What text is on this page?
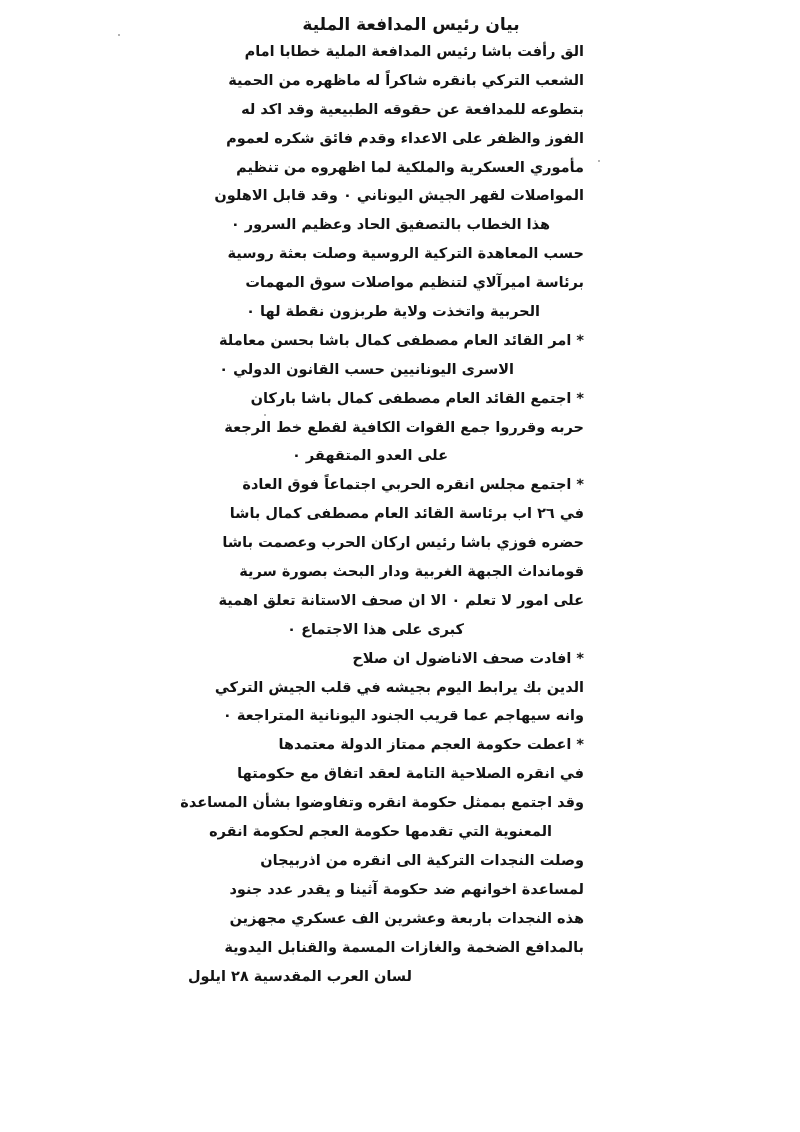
بيان رئيس المدافعة الملية
الق رأفت باشا رئيس المدافعة الملية خطابا امام
الشعب التركي بانقره شاكراً له ماظهره من الحمية
بتطوعه للمدافعة عن حقوقه الطبيعية وقد اكد له
الفوز والظفر على الاعداء وقدم فائق شكره لعموم
مأموري العسكرية والملكية لما اظهروه من تنظيم
المواصلات لقهر الجيش اليوناني ٠ وقد قابل الاهلون
هذا الخطاب بالتصفيق الحاد وعظيم السرور ٠
حسب المعاهدة التركية الروسية وصلت بعثة روسية
برئاسة اميرآلاي لتنظيم مواصلات سوق المهمات
الحربية واتخذت ولاية طربزون نقطة لها ٠
* امر القائد العام مصطفى كمال باشا بحسن معاملة
الاسرى اليونانيين حسب القانون الدولي ٠
* اجتمع القائد العام مصطفى كمال باشا باركان
حربه وقرروا جمع القوات الكافية لقطع خط الرجعة
على العدو المتقهقر ٠
* اجتمع مجلس انقره الحربي اجتماعاً فوق العادة
في ٢٦ اب برئاسة القائد العام مصطفى كمال باشا
حضره فوزي باشا رئيس اركان الحرب وعصمت باشا
قومانداث الجبهة الغربية ودار البحث بصورة سرية
على امور لا تعلم ٠ الا ان صحف الاستانة تعلق اهمية
كبرى على هذا الاجتماع ٠
* افادت صحف الاناضول ان صلاح
الدين بك يرابط اليوم بجيشه في قلب الجيش التركي
وانه سيهاجم عما قريب الجنود اليونانية المتراجعة ٠
* اعطت حكومة العجم ممتاز الدولة معتمدها
في انقره الصلاحية التامة لعقد اتفاق مع حكومتها
وقد اجتمع بممثل حكومة انقره وتفاوضوا بشأن المساعدة
المعنوية التي تقدمها حكومة العجم لحكومة انقره
وصلت النجدات التركية الى انقره من اذربيجان
لمساعدة اخوانهم ضد حكومة آثينا و يقدر عدد جنود
هذه النجدات باربعة وعشرين الف عسكري مجهزين
بالمدافع الضخمة والغازات المسمة والقنابل اليدوية
لسان العرب المقدسية ٢٨ ايلول
